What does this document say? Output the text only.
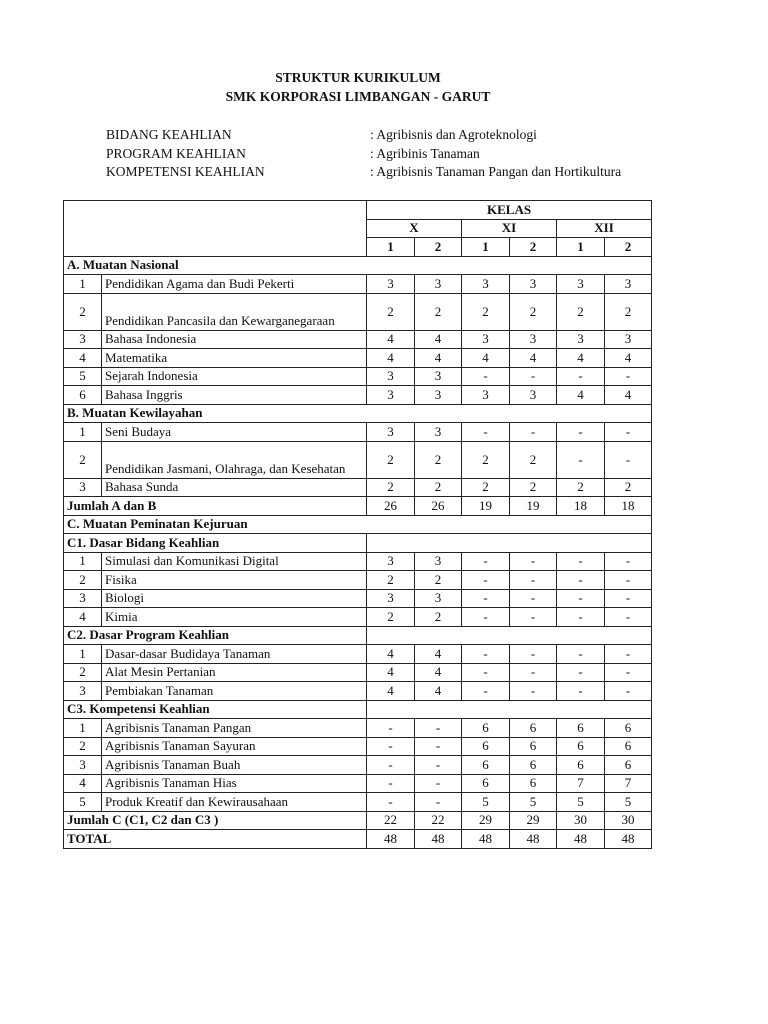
STRUKTUR KURIKULUM
SMK KORPORASI LIMBANGAN - GARUT
BIDANG KEAHLIAN	: Agribisnis dan Agroteknologi
PROGRAM KEAHLIAN	: Agribinis Tanaman
KOMPETENSI KEAHLIAN	: Agribisnis Tanaman Pangan dan Hortikultura
		KELAS					
		X		XI		XII	
		1	2	1	2	1	2
A. Muatan Nasional							
1	Pendidikan Agama dan Budi Pekerti	3	3	3	3	3	3
2	Pendidikan Pancasila dan Kewarganegaraan	2	2	2	2	2	2
3	Bahasa Indonesia	4	4	3	3	3	3
4	Matematika	4	4	4	4	4	4
5	Sejarah Indonesia	3	3	-	-	-	-
6	Bahasa Inggris	3	3	3	3	4	4
B. Muatan Kewilayahan							
1	Seni Budaya	3	3	-	-	-	-
2	Pendidikan Jasmani, Olahraga, dan Kesehatan	2	2	2	2	-	-
3	Bahasa Sunda	2	2	2	2	2	2
Jumlah A dan B		26	26	19	19	18	18
C. Muatan Peminatan Kejuruan							
C1. Dasar Bidang Keahlian							
1	Simulasi dan Komunikasi Digital	3	3	-	-	-	-
2	Fisika	2	2	-	-	-	-
3	Biologi	3	3	-	-	-	-
4	Kimia	2	2	-	-	-	-
C2. Dasar Program Keahlian							
1	Dasar-dasar Budidaya Tanaman	4	4	-	-	-	-
2	Alat Mesin Pertanian	4	4	-	-	-	-
3	Pembiakan Tanaman	4	4	-	-	-	-
C3. Kompetensi Keahlian							
1	Agribisnis Tanaman Pangan	-	-	6	6	6	6
2	Agribisnis Tanaman Sayuran	-	-	6	6	6	6
3	Agribisnis Tanaman Buah	-	-	6	6	6	6
4	Agribisnis Tanaman Hias	-	-	6	6	7	7
5	Produk Kreatif dan Kewirausahaan	-	-	5	5	5	5
Jumlah C (C1, C2 dan C3 )		22	22	29	29	30	30
TOTAL		48	48	48	48	48	48
